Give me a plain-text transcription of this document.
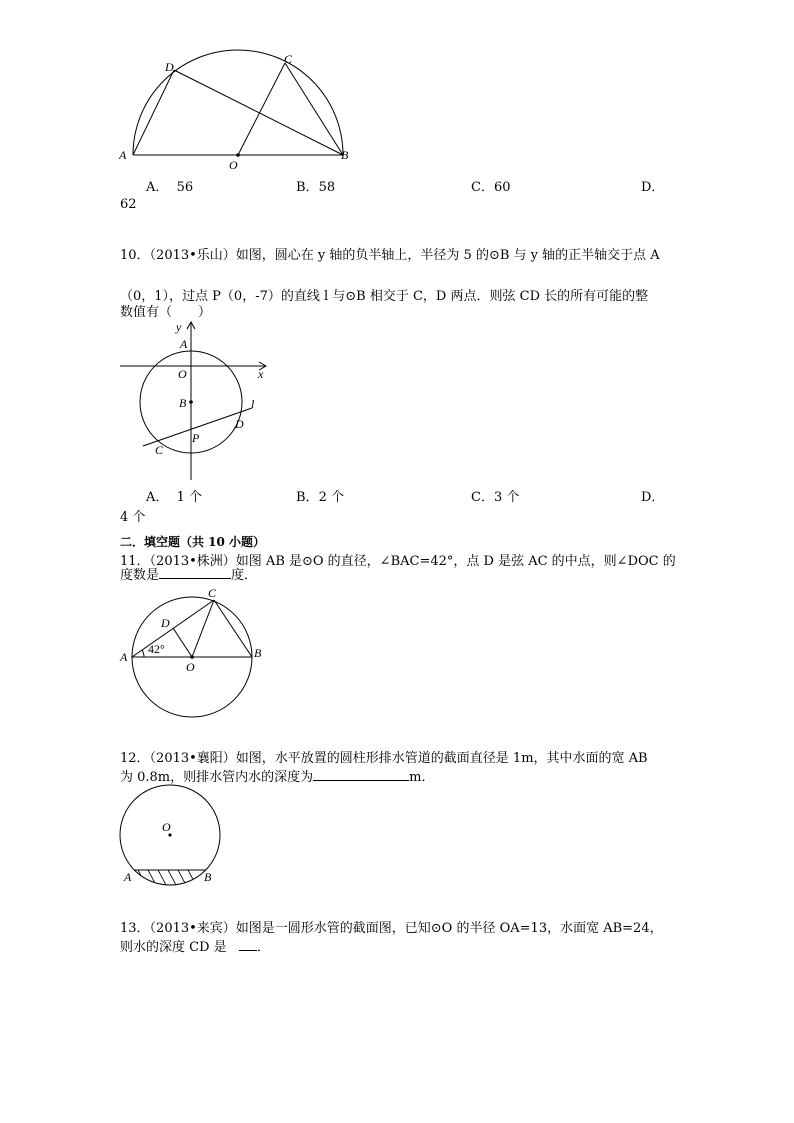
A	B
C
D
O
A． 56	B．58	C．60	D．
62
10．（2013•乐山）如图，圆心在 y 轴的负半轴上，半径为 5 的⊙B 与 y 轴的正半轴交于点 A
（0，1），过点 P（0，-7）的直线 l 与⊙B 相交于 C，D 两点．则弦 CD 长的所有可能的整
数值有（　　）
y
x
A
O
B	l
D
P
C
A． 1 个	B．2 个	C．3 个	D．
4 个
二．填空题（共 10 小题）
11．（2013•株洲）如图 AB 是⊙O 的直径，∠BAC=42°，点 D 是弦 AC 的中点，则∠DOC 的
度数是	度．
A	B
C
D
O
42°
12．（2013•襄阳）如图，水平放置的圆柱形排水管道的截面直径是 1m，其中水面的宽 AB
为 0.8m，则排水管内水的深度为	m．
O
A	B
13．（2013•来宾）如图是一圆形水管的截面图，已知⊙O 的半径 OA=13，水面宽 AB=24，
则水的深度 CD 是 ．
